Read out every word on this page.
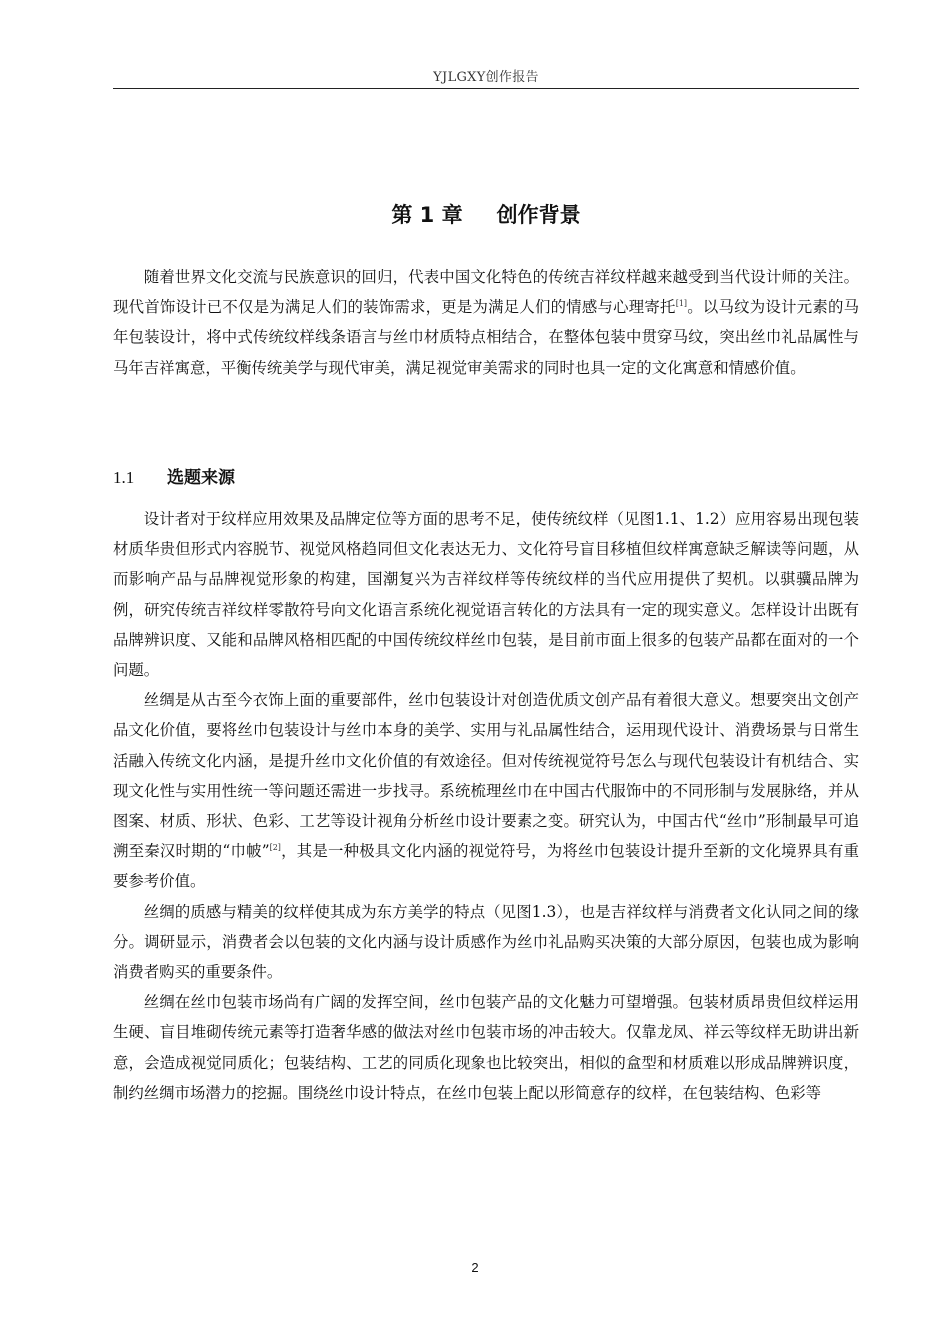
YJLGXY创作报告
第 1 章 创作背景

随着世界文化交流与民族意识的回归，代表中国文化特色的传统吉祥纹样越来越受到当代设计师的关注。现代首饰设计已不仅是为满足人们的装饰需求，更是为满足人们的情感与心理寄托[1]。以马纹为设计元素的马年包装设计，将中式传统纹样线条语言与丝巾材质特点相结合，在整体包装中贯穿马纹，突出丝巾礼品属性与马年吉祥寓意，平衡传统美学与现代审美，满足视觉审美需求的同时也具一定的文化寓意和情感价值。

1.1 选题来源

设计者对于纹样应用效果及品牌定位等方面的思考不足，使传统纹样（见图1.1、1.2）应用容易出现包装材质华贵但形式内容脱节、视觉风格趋同但文化表达无力、文化符号盲目移植但纹样寓意缺乏解读等问题，从而影响产品与品牌视觉形象的构建，国潮复兴为吉祥纹样等传统纹样的当代应用提供了契机。以骐骥品牌为例，研究传统吉祥纹样零散符号向文化语言系统化视觉语言转化的方法具有一定的现实意义。怎样设计出既有品牌辨识度、又能和品牌风格相匹配的中国传统纹样丝巾包装，是目前市面上很多的包装产品都在面对的一个问题。

丝绸是从古至今衣饰上面的重要部件，丝巾包装设计对创造优质文创产品有着很大意义。想要突出文创产品文化价值，要将丝巾包装设计与丝巾本身的美学、实用与礼品属性结合，运用现代设计、消费场景与日常生活融入传统文化内涵，是提升丝巾文化价值的有效途径。但对传统视觉符号怎么与现代包装设计有机结合、实现文化性与实用性统一等问题还需进一步找寻。系统梳理丝巾在中国古代服饰中的不同形制与发展脉络，并从图案、材质、形状、色彩、工艺等设计视角分析丝巾设计要素之变。研究认为，中国古代“丝巾”形制最早可追溯至秦汉时期的“巾帔”[2]，其是一种极具文化内涵的视觉符号，为将丝巾包装设计提升至新的文化境界具有重要参考价值。

丝绸的质感与精美的纹样使其成为东方美学的特点（见图1.3），也是吉祥纹样与消费者文化认同之间的缘分。调研显示，消费者会以包装的文化内涵与设计质感作为丝巾礼品购买决策的大部分原因，包装也成为影响消费者购买的重要条件。

丝绸在丝巾包装市场尚有广阔的发挥空间，丝巾包装产品的文化魅力可望增强。包装材质昂贵但纹样运用生硬、盲目堆砌传统元素等打造奢华感的做法对丝巾包装市场的冲击较大。仅靠龙凤、祥云等纹样无助讲出新意，会造成视觉同质化；包装结构、工艺的同质化现象也比较突出，相似的盒型和材质难以形成品牌辨识度，制约丝绸市场潜力的挖掘。围绕丝巾设计特点，在丝巾包装上配以形简意存的纹样，在包装结构、色彩等

2
